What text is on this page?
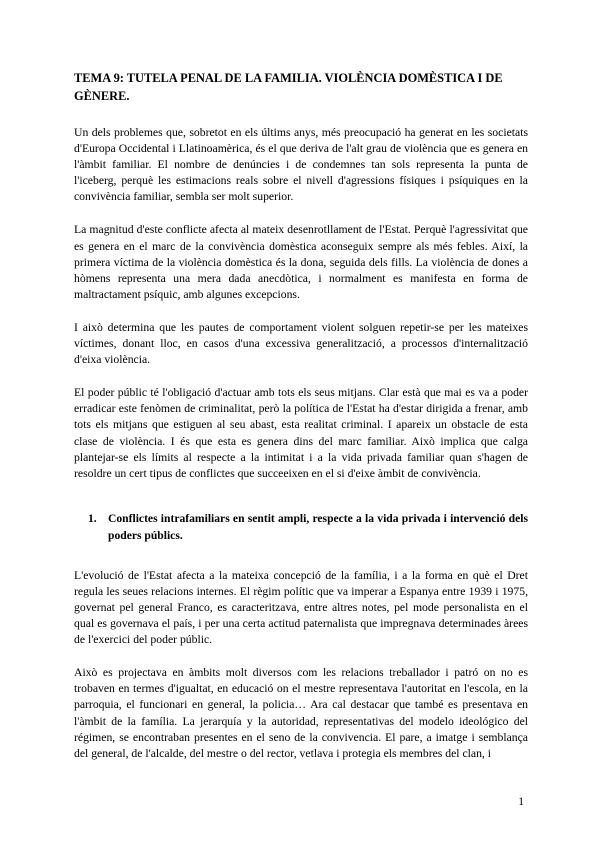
TEMA 9: TUTELA PENAL DE LA FAMILIA. VIOLÈNCIA DOMÈSTICA I DE GÈNERE.

Un dels problemes que, sobretot en els últims anys, més preocupació ha generat en les societats d'Europa Occidental i Llatinoamèrica, és el que deriva de l'alt grau de violència que es genera en l'àmbit familiar. El nombre de denúncies i de condemnes tan sols representa la punta de l'iceberg, perquè les estimacions reals sobre el nivell d'agressions físiques i psíquiques en la convivència familiar, sembla ser molt superior.

La magnitud d'este conflicte afecta al mateix desenrotllament de l'Estat. Perquè l'agressivitat que es genera en el marc de la convivència domèstica aconseguix sempre als més febles. Així, la primera víctima de la violència domèstica és la dona, seguida dels fills. La violència de dones a hòmens representa una mera dada anecdòtica, i normalment es manifesta en forma de maltractament psíquic, amb algunes excepcions.

I això determina que les pautes de comportament violent solguen repetir-se per les mateixes víctimes, donant lloc, en casos d'una excessiva generalització, a processos d'internalització d'eixa violència.

El poder públic té l'obligació d'actuar amb tots els seus mitjans. Clar està que mai es va a poder erradicar este fenòmen de criminalitat, però la política de l'Estat ha d'estar dirigida a frenar, amb tots els mitjans que estiguen al seu abast, esta realitat criminal. I apareix un obstacle de esta clase de violència. I és que esta es genera dins del marc familiar. Això implica que calga plantejar-se els límits al respecte a la intimitat i a la vida privada familiar quan s'hagen de resoldre un cert tipus de conflictes que succeeixen en el si d'eixe àmbit de convivència.

1. Conflictes intrafamiliars en sentit ampli, respecte a la vida privada i intervenció dels poders públics.

L'evolució de l'Estat afecta a la mateixa concepció de la família, i a la forma en què el Dret regula les seues relacions internes. El règim polític que va imperar a Espanya entre 1939 i 1975, governat pel general Franco, es caracteritzava, entre altres notes, pel mode personalista en el qual es governava el país, i per una certa actitud paternalista que impregnava determinades àrees de l'exercici del poder públic.

Això es projectava en àmbits molt diversos com les relacions treballador i patró on no es trobaven en termes d'igualtat, en educació on el mestre representava l'autoritat en l'escola, en la parroquia, el funcionari en general, la policia… Ara cal destacar que també es presentava en l'àmbit de la família. La jerarquía y la autoridad, representativas del modelo ideológico del régimen, se encontraban presentes en el seno de la convivencia. El pare, a imatge i semblança del general, de l'alcalde, del mestre o del rector, vetlava i protegia els membres del clan, i

1
